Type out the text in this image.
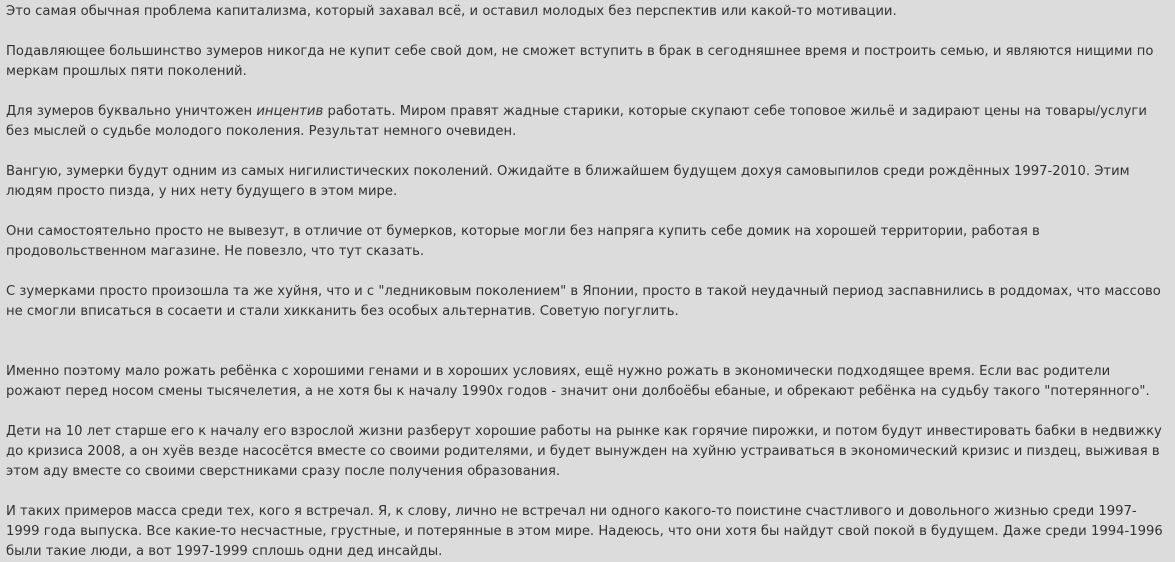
Это самая обычная проблема капитализма, который захавал всё, и оставил молодых без перспектив или какой-то мотивации.

Подавляющее большинство зумеров никогда не купит себе свой дом, не сможет вступить в брак в сегодняшнее время и построить семью, и являются нищими по меркам прошлых пяти поколений.

Для зумеров буквально уничтожен инцентив работать. Миром правят жадные старики, которые скупают себе топовое жильё и задирают цены на товары/услуги без мыслей о судьбе молодого поколения. Результат немного очевиден.

Вангую, зумерки будут одним из самых нигилистических поколений. Ожидайте в ближайшем будущем дохуя самовыпилов среди рождённых 1997-2010. Этим людям просто пизда, у них нету будущего в этом мире.

Они самостоятельно просто не вывезут, в отличие от бумерков, которые могли без напряга купить себе домик на хорошей территории, работая в продовольственном магазине. Не повезло, что тут сказать.

С зумерками просто произошла та же хуйня, что и с "ледниковым поколением" в Японии, просто в такой неудачный период заспавнились в роддомах, что массово не смогли вписаться в сосаети и стали хикканить без особых альтернатив. Советую погуглить.

Именно поэтому мало рожать ребёнка с хорошими генами и в хороших условиях, ещё нужно рожать в экономически подходящее время. Если вас родители рожают перед носом смены тысячелетия, а не хотя бы к началу 1990х годов - значит они долбоёбы ебаные, и обрекают ребёнка на судьбу такого "потерянного".

Дети на 10 лет старше его к началу его взрослой жизни разберут хорошие работы на рынке как горячие пирожки, и потом будут инвестировать бабки в недвижку до кризиса 2008, а он хуёв везде насосётся вместе со своими родителями, и будет вынужден на хуйню устраиваться в экономический кризис и пиздец, выживая в этом аду вместе со своими сверстниками сразу после получения образования.

И таких примеров масса среди тех, кого я встречал. Я, к слову, лично не встречал ни одного какого-то поистине счастливого и довольного жизнью среди 1997-1999 года выпуска. Все какие-то несчастные, грустные, и потерянные в этом мире. Надеюсь, что они хотя бы найдут свой покой в будущем. Даже среди 1994-1996 были такие люди, а вот 1997-1999 сплошь одни дед инсайды.
